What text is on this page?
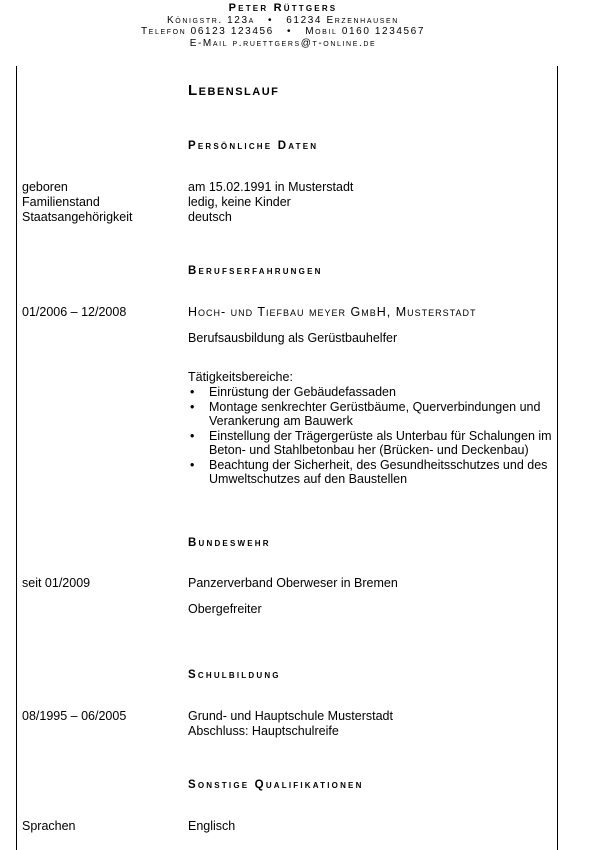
Peter Rüttgers
Königstr. 123a   •   61234 Erzenhausen
Telefon 06123 123456   •   Mobil 0160 1234567
E-Mail p.ruettgers@t-online.de
Lebenslauf
Persönliche Daten
geboren	am 15.02.1991 in Musterstadt
Familienstand	ledig, keine Kinder
Staatsangehörigkeit	deutsch
Berufserfahrungen
01/2006 – 12/2008	Hoch- und Tiefbau meyer GmbH, Musterstadt
Berufsausbildung als Gerüstbauhelfer
Tätigkeitsbereiche:
• Einrüstung der Gebäudefassaden
• Montage senkrechter Gerüstbäume, Querverbindungen und Verankerung am Bauwerk
• Einstellung der Trägergerüste als Unterbau für Schalungen im Beton- und Stahlbetonbau her (Brücken- und Deckenbau)
• Beachtung der Sicherheit, des Gesundheitsschutzes und des Umweltschutzes auf den Baustellen
Bundeswehr
seit 01/2009	Panzerverband Oberweser in Bremen
Obergefreiter
Schulbildung
08/1995 – 06/2005	Grund- und Hauptschule Musterstadt
Abschluss: Hauptschulreife
Sonstige Qualifikationen
Sprachen	Englisch
